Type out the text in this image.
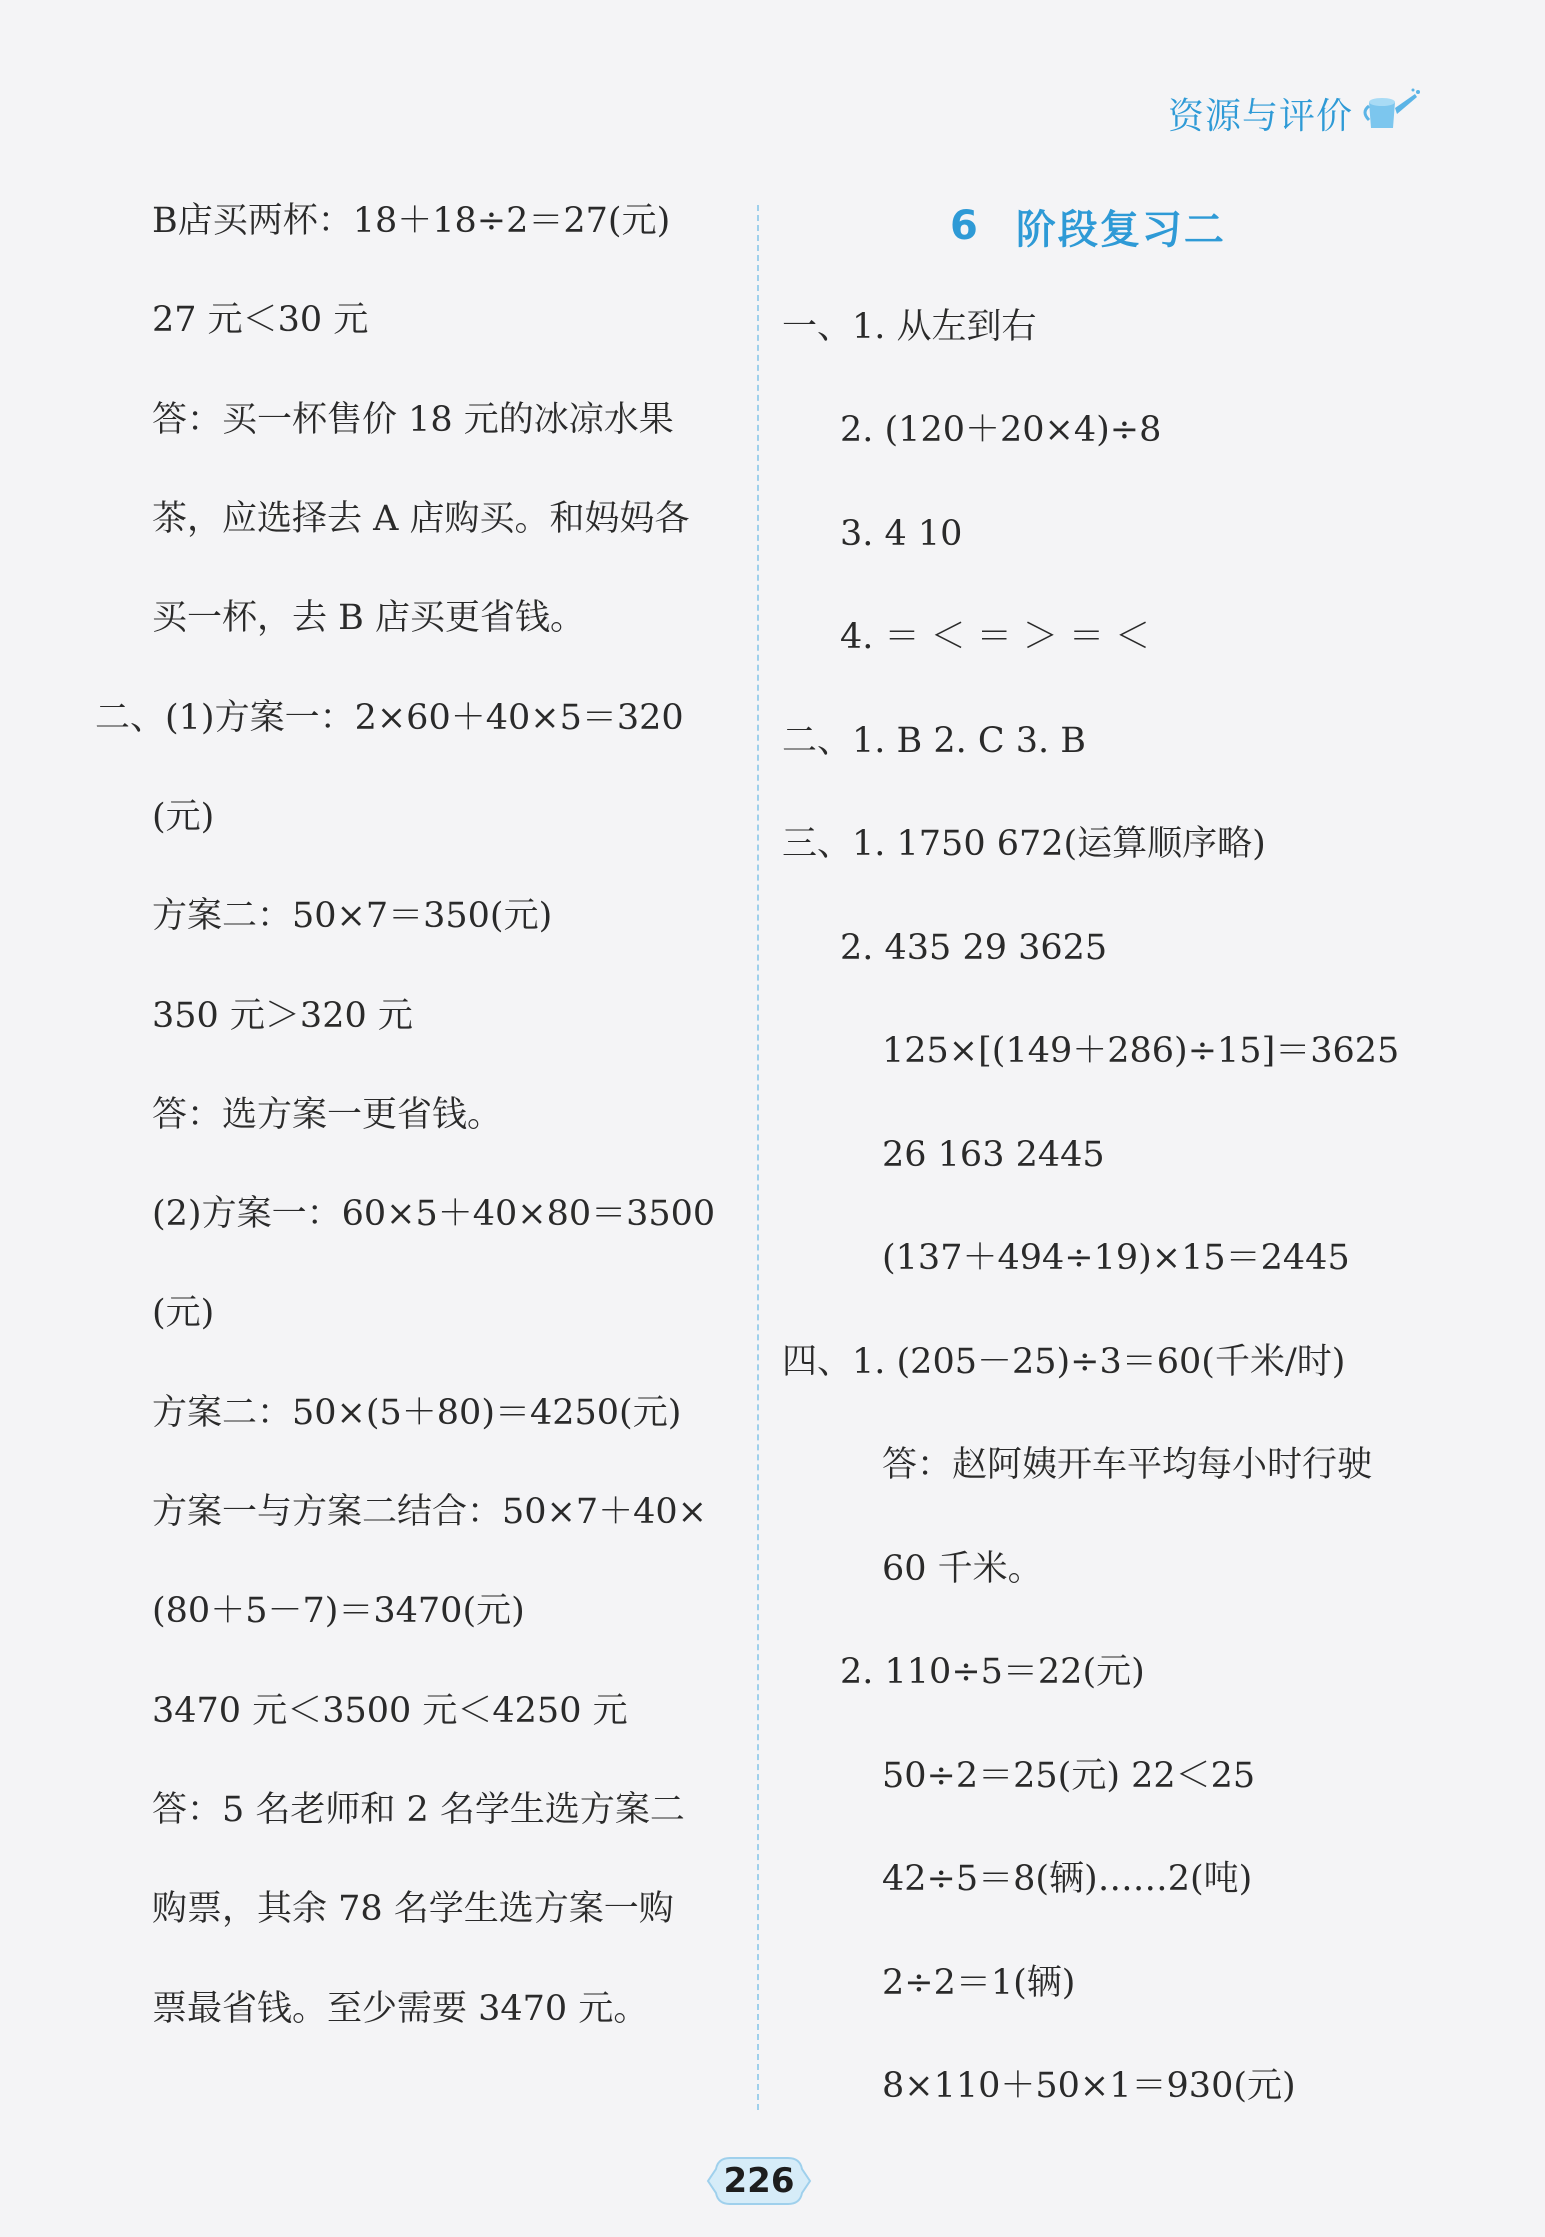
资源与评价
B店买两杯：18＋18÷2＝27(元)
27 元＜30 元
答：买一杯售价 18 元的冰凉水果
茶，应选择去 A 店购买。和妈妈各
买一杯，去 B 店买更省钱。
二、(1)方案一：2×60＋40×5＝320
(元)
方案二：50×7＝350(元)
350 元＞320 元
答：选方案一更省钱。
(2)方案一：60×5＋40×80＝3500
(元)
方案二：50×(5＋80)＝4250(元)
方案一与方案二结合：50×7＋40×
(80＋5－7)＝3470(元)
3470 元＜3500 元＜4250 元
答：5 名老师和 2 名学生选方案二
购票，其余 78 名学生选方案一购
票最省钱。至少需要 3470 元。
6 阶段复习二
一、1. 从左到右
2. (120＋20×4)÷8
3. 4 10
4. ＝ ＜ ＝ ＞ ＝ ＜
二、1. B 2. C 3. B
三、1. 1750 672(运算顺序略)
2. 435 29 3625
125×[(149＋286)÷15]＝3625
26 163 2445
(137＋494÷19)×15＝2445
四、1. (205－25)÷3＝60(千米/时)
答：赵阿姨开车平均每小时行驶
60 千米。
2. 110÷5＝22(元)
50÷2＝25(元) 22＜25
42÷5＝8(辆)……2(吨)
2÷2＝1(辆)
8×110＋50×1＝930(元)
226
